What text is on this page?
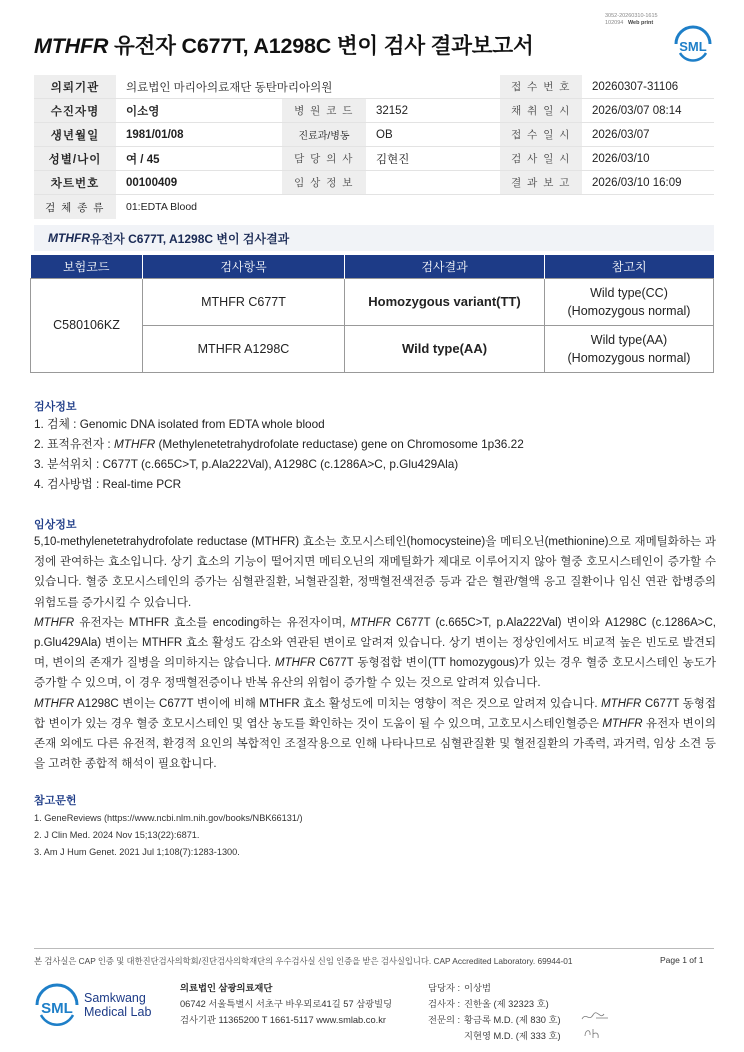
3052-20260310-1615
102094 Web print
MTHFR 유전자 C677T, A1298C 변이 검사 결과보고서	SML
의뢰기관	의료법인 마리아의료재단 동탄마리아의원	접 수 번 호	20260307-31106
수진자명	이소영	병 원 코 드	32152	채 취 일 시	2026/03/07 08:14
생년월일	1981/01/08	진료과/병동	OB	접 수 일 시	2026/03/07
성별/나이	여 / 45	담 당 의 사	김현진	검 사 일 시	2026/03/10
차트번호	00100409	임 상 정 보	결 과 보 고	2026/03/10 16:09
검 체 종 류	01:EDTA Blood
MTHFR 유전자 C677T, A1298C 변이 검사결과
보험코드	검사항목	검사결과	참고치
C580106KZ	MTHFR C677T	Homozygous variant(TT)	Wild type(CC)
(Homozygous normal)

	MTHFR A1298C	Wild type(AA)	Wild type(AA)
(Homozygous normal)
검사정보
1. 검체 : Genomic DNA isolated from EDTA whole blood
2. 표적유전자 : MTHFR (Methylenetetrahydrofolate reductase) gene on Chromosome 1p36.22
3. 분석위치 : C677T (c.665C>T, p.Ala222Val), A1298C (c.1286A>C, p.Glu429Ala)
4. 검사방법 : Real-time PCR
임상정보

5,10-methylenetetrahydrofolate reductase (MTHFR) 효소는 호모시스테인(homocysteine)을 메티오닌(methionine)으로 재메틸화하는 과정에 관여하는 효소입니다. 상기 효소의 기능이 떨어지면 메티오닌의 재메틸화가 제대로 이루어지지 않아 혈중 호모시스테인이 증가할 수 있습니다. 혈중 호모시스테인의 증가는 심혈관질환, 뇌혈관질환, 정맥혈전색전증 등과 같은 혈관/혈액 응고 질환이나 임신 연관 합병증의 위험도를 증가시킬 수 있습니다.

MTHFR 유전자는 MTHFR 효소를 encoding하는 유전자이며, MTHFR C677T (c.665C>T, p.Ala222Val) 변이와 A1298C (c.1286A>C, p.Glu429Ala) 변이는 MTHFR 효소 활성도 감소와 연관된 변이로 알려져 있습니다. 상기 변이는 정상인에서도 비교적 높은 빈도로 발견되며, 변이의 존재가 질병을 의미하지는 않습니다. MTHFR C677T 동형접합 변이(TT homozygous)가 있는 경우 혈중 호모시스테인 농도가 증가할 수 있으며, 이 경우 정맥혈전증이나 반복 유산의 위험이 증가할 수 있는 것으로 알려져 있습니다.

MTHFR A1298C 변이는 C677T 변이에 비해 MTHFR 효소 활성도에 미치는 영향이 적은 것으로 알려져 있습니다. MTHFR C677T 동형접합 변이가 있는 경우 혈중 호모시스테인 및 엽산 농도를 확인하는 것이 도움이 될 수 있으며, 고호모시스테인혈증은 MTHFR 유전자 변이의 존재 외에도 다른 유전적, 환경적 요인의 복합적인 조절작용으로 인해 나타나므로 심혈관질환 및 혈전질환의 가족력, 과거력, 임상 소견 등을 고려한 종합적 해석이 필요합니다.

참고문헌
1. GeneReviews (https://www.ncbi.nlm.nih.gov/books/NBK66131/)
2. J Clin Med. 2024 Nov 15;13(22):6871.
3. Am J Hum Genet. 2021 Jul 1;108(7):1283-1300.
본 검사실은 CAP 인증 및 대한진단검사의학회/진단검사의학재단의 우수검사실 신임 인증을 받은 검사실입니다. CAP Accredited Laboratory. 69944-01	Page 1 of 1
SML
Samkwang
Medical Lab
의료법인 삼광의료재단
06742 서울특별시 서초구 바우뫼로41길 57 삼광빌딩
검사기관 11365200 T 1661-5117 www.smlab.co.kr
담당자 : 이상범
검사자 : 진한올 (제 32323 호)
전문의 : 황금록 M.D. (제 830 호)
지현영 M.D. (제 333 호)
